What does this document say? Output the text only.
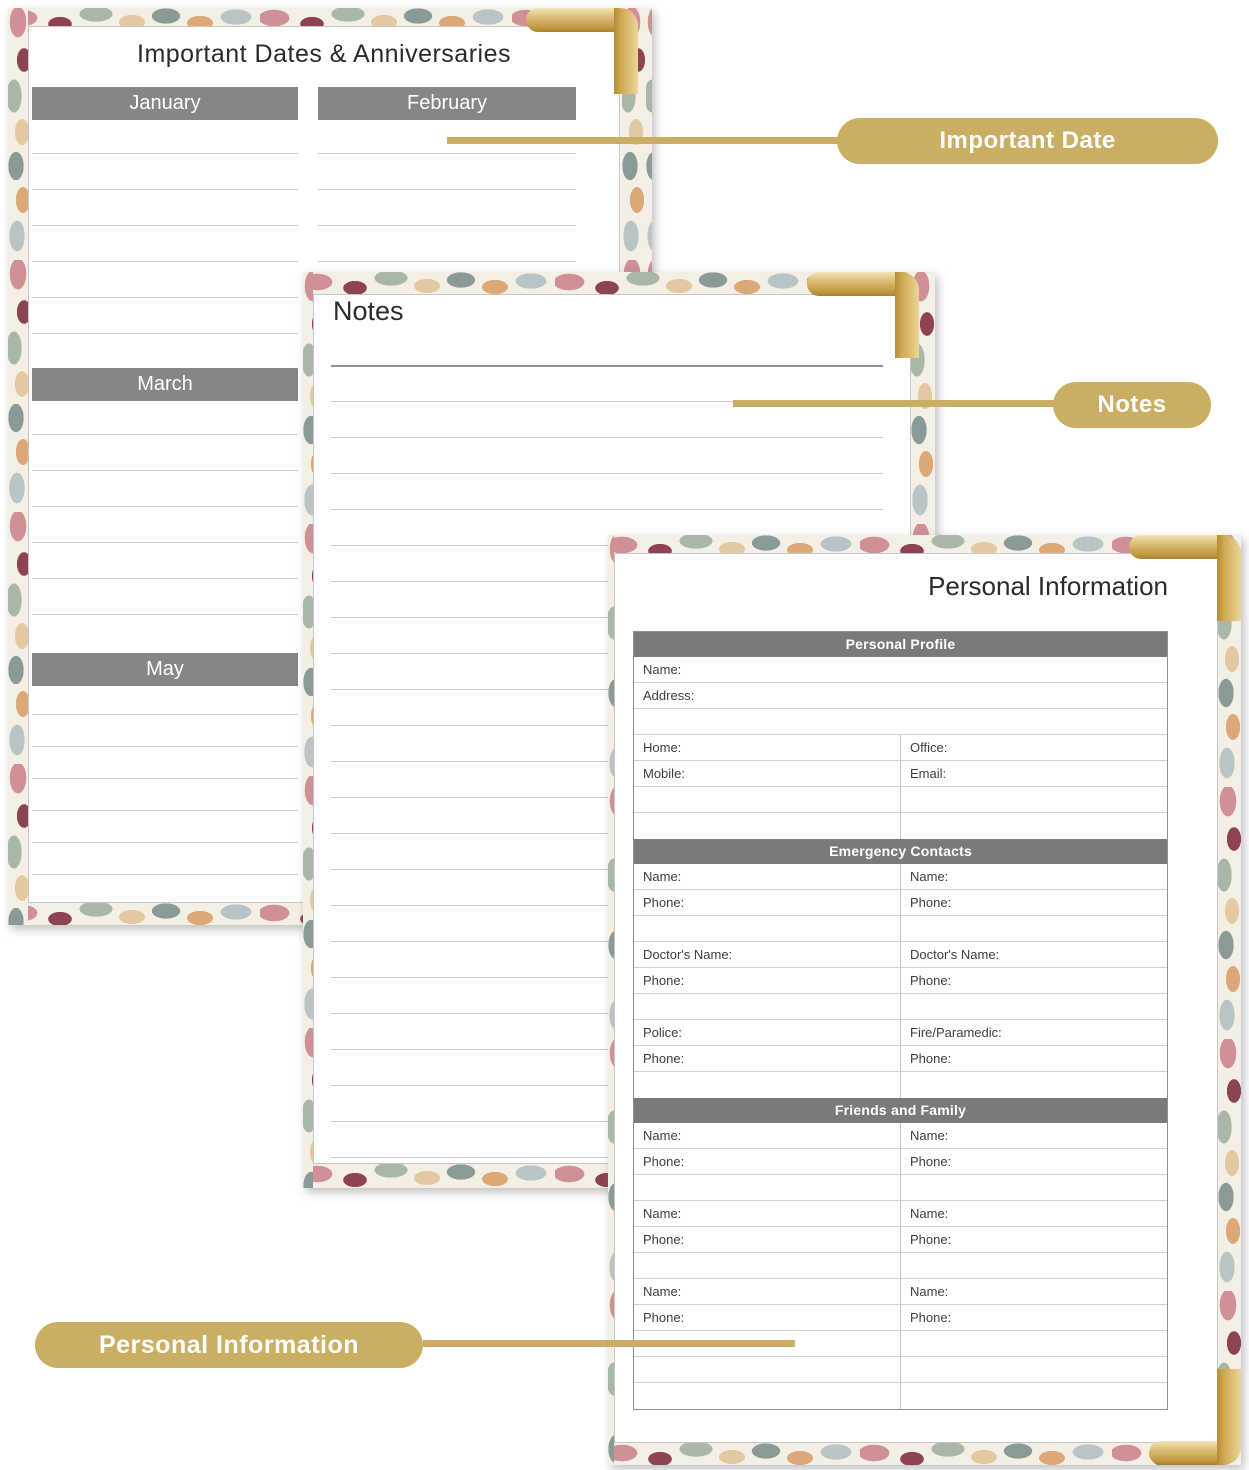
Important Dates & Anniversaries
January	February
March
May
Notes
Personal Information
Personal Profile
Name:
Address:
Home:	Office:
Mobile:	Email:
Emergency Contacts
Name:	Name:
Phone:	Phone:
Doctor's Name:	Doctor's Name:
Phone:	Phone:
Police:	Fire/Paramedic:
Phone:	Phone:
Friends and Family
Name:	Name:
Phone:	Phone:
Name:	Name:
Phone:	Phone:
Name:	Name:
Phone:	Phone:
Important Date
Notes
Personal Information
